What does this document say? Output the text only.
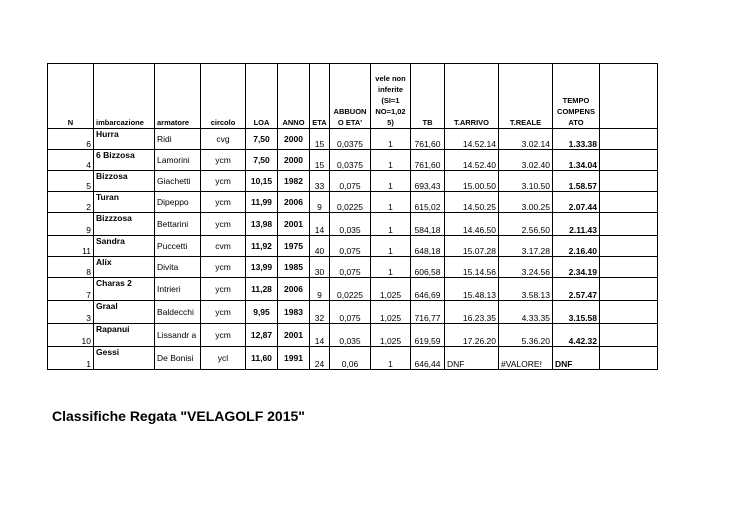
N	imbarcazione	armatore	circolo	LOA	ANNO	ETA	ABBUON O ETA'	vele non inferite (SI=1 NO=1,02 5)	TB	T.ARRIVO	T.REALE	TEMPO COMPENS ATO	
6	Hurra	Ridi	cvg	7,50	2000	15	0,0375	1	761,60	14.52.14	3.02.14	1.33.38	
4	6 Bizzosa	Lamorini	ycm	7,50	2000	15	0,0375	1	761,60	14.52.40	3.02.40	1.34.04	
5	Bizzosa	Giachetti	ycm	10,15	1982	33	0,075	1	693,43	15.00.50	3.10.50	1.58.57	
2	Turan	Dipeppo	ycm	11,99	2006	9	0,0225	1	615,02	14.50.25	3.00.25	2.07.44	
9	Bizzzosa	Bettarini	ycm	13,98	2001	14	0,035	1	584,18	14.46.50	2.56.50	2.11.43	
11	Sandra	Puccetti	cvm	11,92	1975	40	0,075	1	648,18	15.07.28	3.17.28	2.16.40	
8	Alix	Divita	ycm	13,99	1985	30	0,075	1	606,58	15.14.56	3.24.56	2.34.19	
7	Charas 2	Intrieri	ycm	11,28	2006	9	0,0225	1,025	646,69	15.48.13	3.58.13	2.57.47	
3	Graal	Baldecchi	ycm	9,95	1983	32	0,075	1,025	716,77	16.23.35	4.33.35	3.15.58	
10	Rapanui	Lissandr a	ycm	12,87	2001	14	0,035	1,025	619,59	17.26.20	5.36.20	4.42.32	
1	Gessi	De Bonisi	ycl	11,60	1991	24	0,06	1	646,44	DNF	#VALORE!	DNF	
Classifiche Regata "VELAGOLF 2015"
